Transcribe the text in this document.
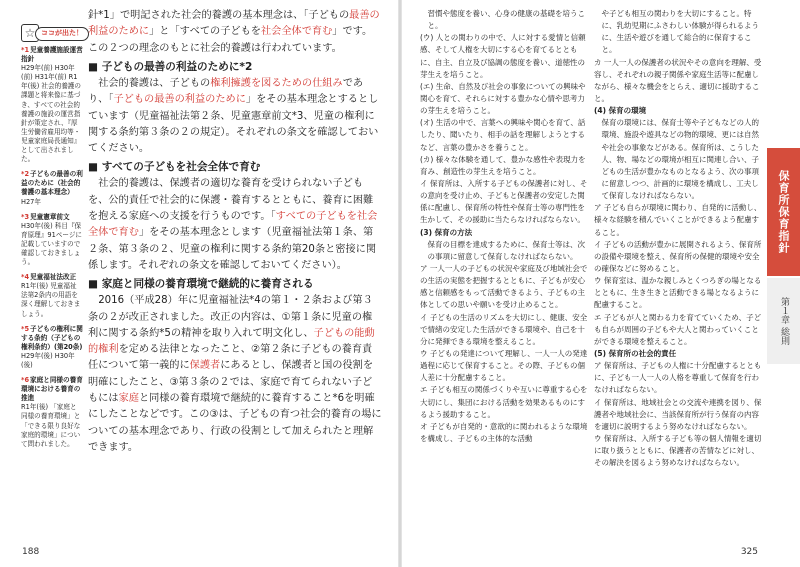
☆ ココが出た！
*1児童養護施設運営指針
H29年(前) H30年(前) H31年(前) R1年(後) 社会的養護の課題と将来像に基づき、すべての社会的養護の施設の運営指針が策定され、『厚生労働省雇用均等・児童家庭局長通知』として出されました。
*2子どもの最善の利益のために（社会的養護の基本理念）
H27年
*3児童憲章前文
H30年(後) 科目『保育原理』91ページに記載していますので確認しておきましょう。
*4児童福祉法改正
R1年(後) 児童福祉法第2条内の用語を深く理解しておきましょう。
*5子どもの権利に関する条約（子どもの権利条約）(第20条)
H29年(後) H30年(後)
*6家庭と同様の養育環境における養育の推進
R1年(後) 「家庭と同様の養育環境」と「できる限り良好な家庭的環境」について問われました。

針*1」で明記された社会的養護の基本理念は、「子どもの最善の利益のために」と「すべての子どもを社会全体で育む」です。この２つの理念のもとに社会的養護は行われています。

■ 子どもの最善の利益のために*2

社会的養護は、子どもの権利擁護を図るための仕組みであり、「子どもの最善の利益のために」をその基本理念とするとしています（児童福祉法第２条、児童憲章前文*3、児童の権利に関する条約第３条の２の規定）。それぞれの条文を確認しておいてください。

■ すべての子どもを社会全体で育む

社会的養護は、保護者の適切な養育を受けられない子どもを、公的責任で社会的に保護・養育するとともに、養育に困難を抱える家庭への支援を行うものです。「すべての子どもを社会全体で育む」をその基本理念とします（児童福祉法第１条、第２条、第３条の２、児童の権利に関する条約第20条と密接に関係します。それぞれの条文を確認しておいてください）。

■ 家庭と同様の養育環境で継続的に養育される

2016（平成28）年に児童福祉法*4の第１・２条および第３条の２が改正されました。改正の内容は、①第１条に児童の権利に関する条約*5の精神を取り入れて明文化し、子どもの能動的権利を定める法律となったこと、②第２条に子どもの養育責任について第一義的に保護者にあるとし、保護者と国の役割を明確にしたこと、③第３条の２では、家庭で育てられない子どもには家庭と同様の養育環境で継続的に養育すること*6を明確にしたことなどです。この③は、子どもの育つ社会的養育の場についての基本理念であり、行政の役割として加えられたと理解できます。

188

習慣や態度を養い、心身の健康の基礎を培うこと。

(ウ) 人との関わりの中で、人に対する愛情と信頼感、そして人権を大切にする心を育てるとともに、自主、自立及び協調の態度を養い、道徳性の芽生えを培うこと。

(エ) 生命、自然及び社会の事象についての興味や関心を育て、それらに対する豊かな心情や思考力の芽生えを培うこと。

(オ) 生活の中で、言葉への興味や関心を育て、話したり、聞いたり、相手の話を理解しようとするなど、言葉の豊かさを養うこと。

(カ) 様々な体験を通して、豊かな感性や表現力を育み、創造性の芽生えを培うこと。

イ 保育所は、入所する子どもの保護者に対し、その意向を受け止め、子どもと保護者の安定した関係に配慮し、保育所の特性や保育士等の専門性を生かして、その援助に当たらなければならない。

(3) 保育の方法

保育の目標を達成するために、保育士等は、次の事項に留意して保育しなければならない。

ア 一人一人の子どもの状況や家庭及び地域社会での生活の実態を把握するとともに、子どもが安心感と信頼感をもって活動できるよう、子どもの主体としての思いや願いを受け止めること。

イ 子どもの生活のリズムを大切にし、健康、安全で情緒の安定した生活ができる環境や、自己を十分に発揮できる環境を整えること。

ウ 子どもの発達について理解し、一人一人の発達過程に応じて保育すること。その際、子どもの個人差に十分配慮すること。

エ 子ども相互の関係づくりや互いに尊重する心を大切にし、集団における活動を効果あるものにするよう援助すること。

オ 子どもが自発的・意欲的に関われるような環境を構成し、子どもの主体的な活動

や子ども相互の関わりを大切にすること。特に、乳幼児期にふさわしい体験が得られるように、生活や遊びを通して総合的に保育すること。

カ 一人一人の保護者の状況やその意向を理解、受容し、それぞれの親子関係や家庭生活等に配慮しながら、様々な機会をとらえ、適切に援助すること。

(4) 保育の環境

保育の環境には、保育士等や子どもなどの人的環境、施設や遊具などの物的環境、更には自然や社会の事象などがある。保育所は、こうした人、物、場などの環境が相互に関連し合い、子どもの生活が豊かなものとなるよう、次の事項に留意しつつ、計画的に環境を構成し、工夫して保育しなければならない。

ア 子ども自らが環境に関わり、自発的に活動し、様々な経験を積んでいくことができるよう配慮すること。

イ 子どもの活動が豊かに展開されるよう、保育所の設備や環境を整え、保育所の保健的環境や安全の確保などに努めること。

ウ 保育室は、温かな親しみとくつろぎの場となるとともに、生き生きと活動できる場となるように配慮すること。

エ 子どもが人と関わる力を育てていくため、子ども自らが周囲の子どもや大人と関わっていくことができる環境を整えること。

(5) 保育所の社会的責任

ア 保育所は、子どもの人権に十分配慮するとともに、子ども一人一人の人格を尊重して保育を行わなければならない。

イ 保育所は、地域社会との交流や連携を図り、保護者や地域社会に、当該保育所が行う保育の内容を適切に説明するよう努めなければならない。

ウ 保育所は、入所する子ども等の個人情報を適切に取り扱うとともに、保護者の苦情などに対し、その解決を図るよう努めなければならない。

保育所保育指針
第１章 総則
325
